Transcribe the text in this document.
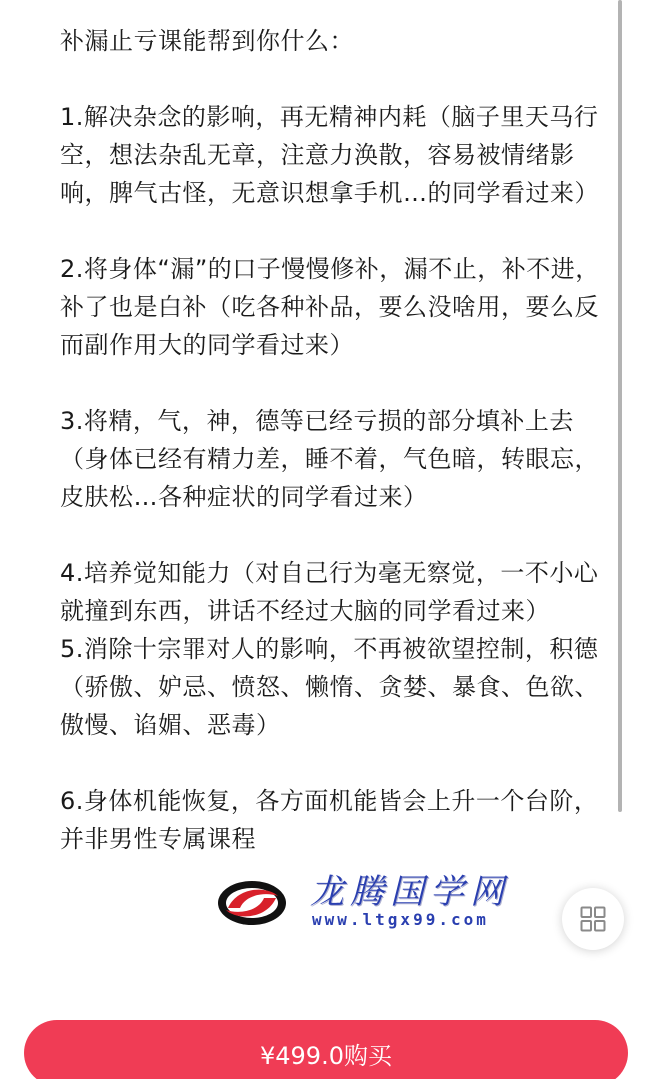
补漏止亏课能帮到你什么：

1.解决杂念的影响，再无精神内耗（脑子里天马行空，想法杂乱无章，注意力涣散，容易被情绪影响，脾气古怪，无意识想拿手机…的同学看过来）

2.将身体“漏”的口子慢慢修补，漏不止，补不进，补了也是白补（吃各种补品，要么没啥用，要么反而副作用大的同学看过来）

3.将精，气，神，德等已经亏损的部分填补上去（身体已经有精力差，睡不着，气色暗，转眼忘，皮肤松…各种症状的同学看过来）

4.培养觉知能力（对自己行为毫无察觉，一不小心就撞到东西，讲话不经过大脑的同学看过来）

5.消除十宗罪对人的影响，不再被欲望控制，积德（骄傲、妒忌、愤怒、懒惰、贪婪、暴食、色欲、傲慢、谄媚、恶毒）

6.身体机能恢复，各方面机能皆会上升一个台阶，并非男性专属课程

龙腾国学网
www.ltgx99.com
¥499.0购买
